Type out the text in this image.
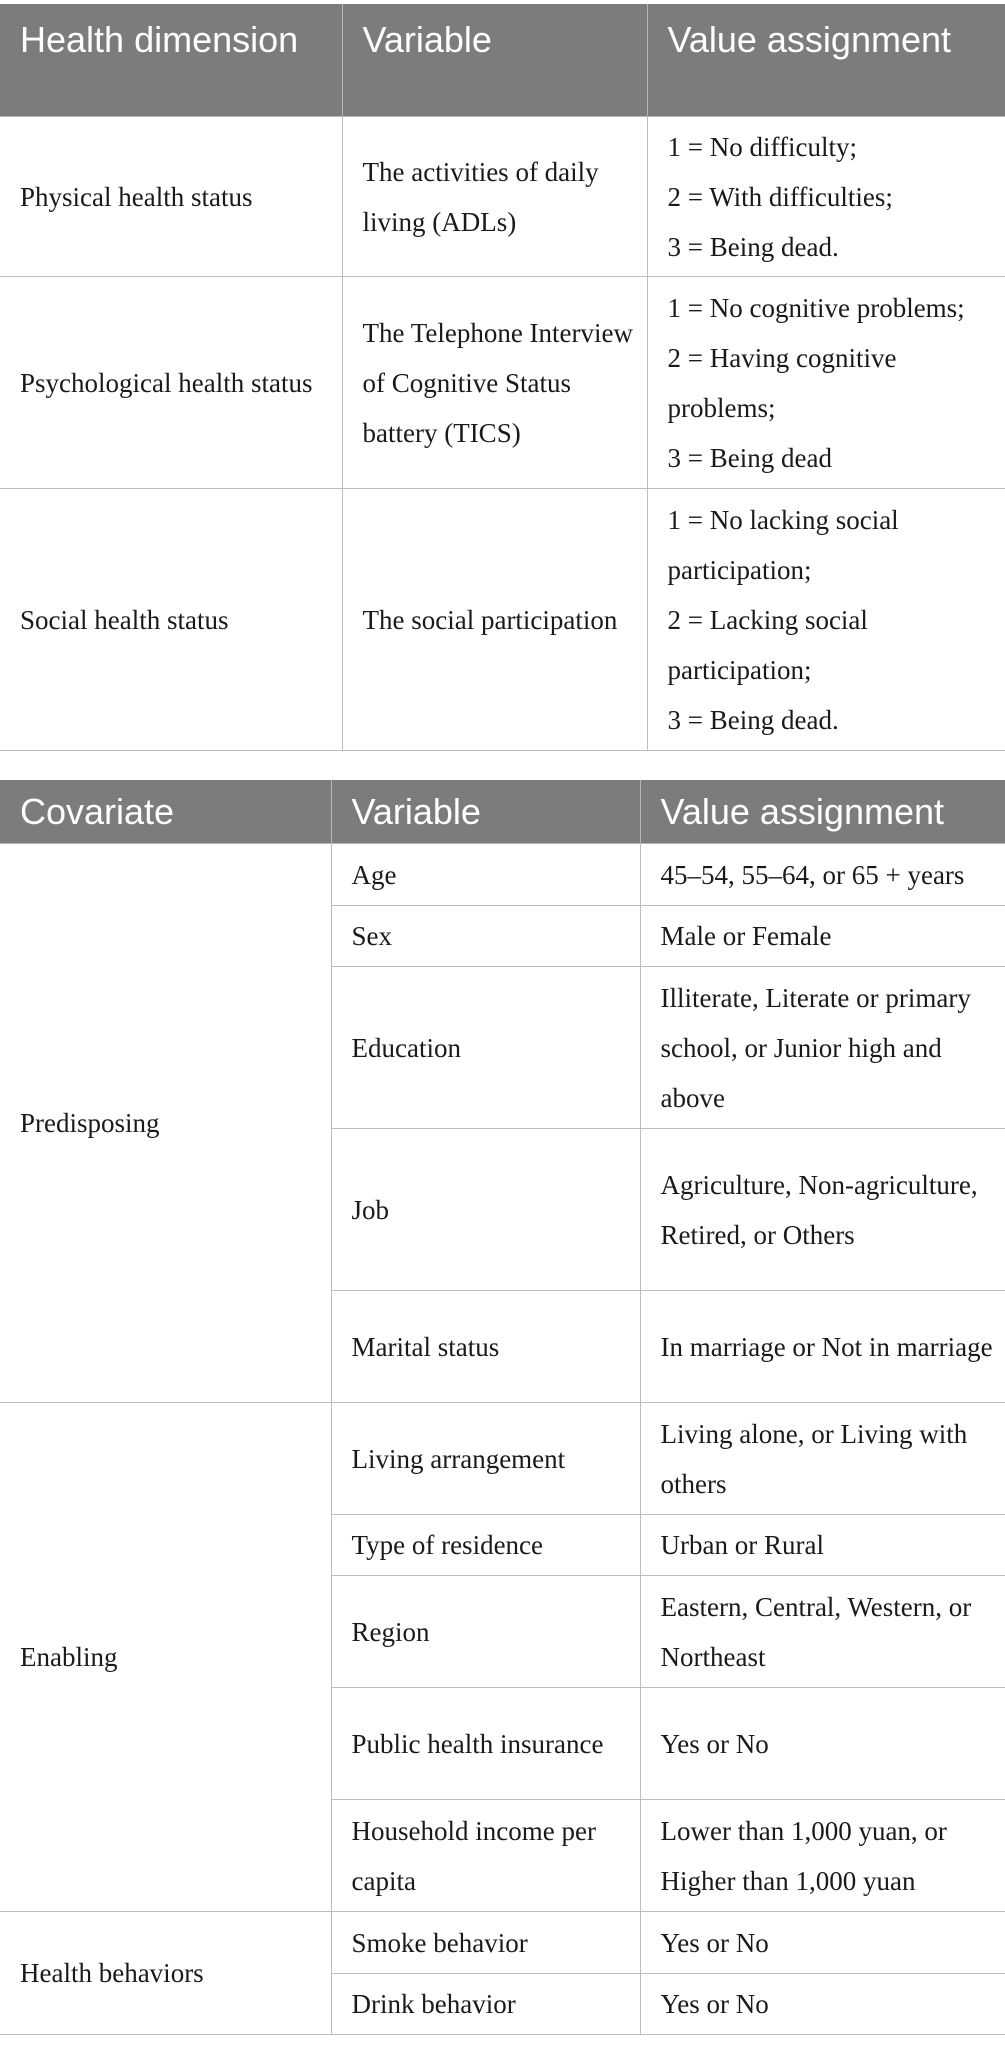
Health dimension	Variable	Value assignment
Physical health status	The activities of daily living (ADLs)	1 = No difficulty;
2 = With difficulties;
3 = Being dead.

Psychological health status	The Telephone Interview of Cognitive Status battery (TICS)	1 = No cognitive problems;
2 = Having cognitive problems;
3 = Being dead

Social health status	The social participation	1 = No lacking social participation;
2 = Lacking social participation;
3 = Being dead.
Covariate	Variable	Value assignment
Predisposing	Age	45–54, 55–64, or 65 + years
	Sex	Male or Female
	Education	Illiterate, Literate or primary school, or Junior high and above
	Job	Agriculture, Non-agriculture, Retired, or Others
	Marital status	In marriage or Not in marriage
Enabling	Living arrangement	Living alone, or Living with others
	Type of residence	Urban or Rural
	Region	Eastern, Central, Western, or Northeast
	Public health insurance	Yes or No
	Household income per capita	Lower than 1,000 yuan, or Higher than 1,000 yuan
Health behaviors	Smoke behavior	Yes or No
	Drink behavior	Yes or No
